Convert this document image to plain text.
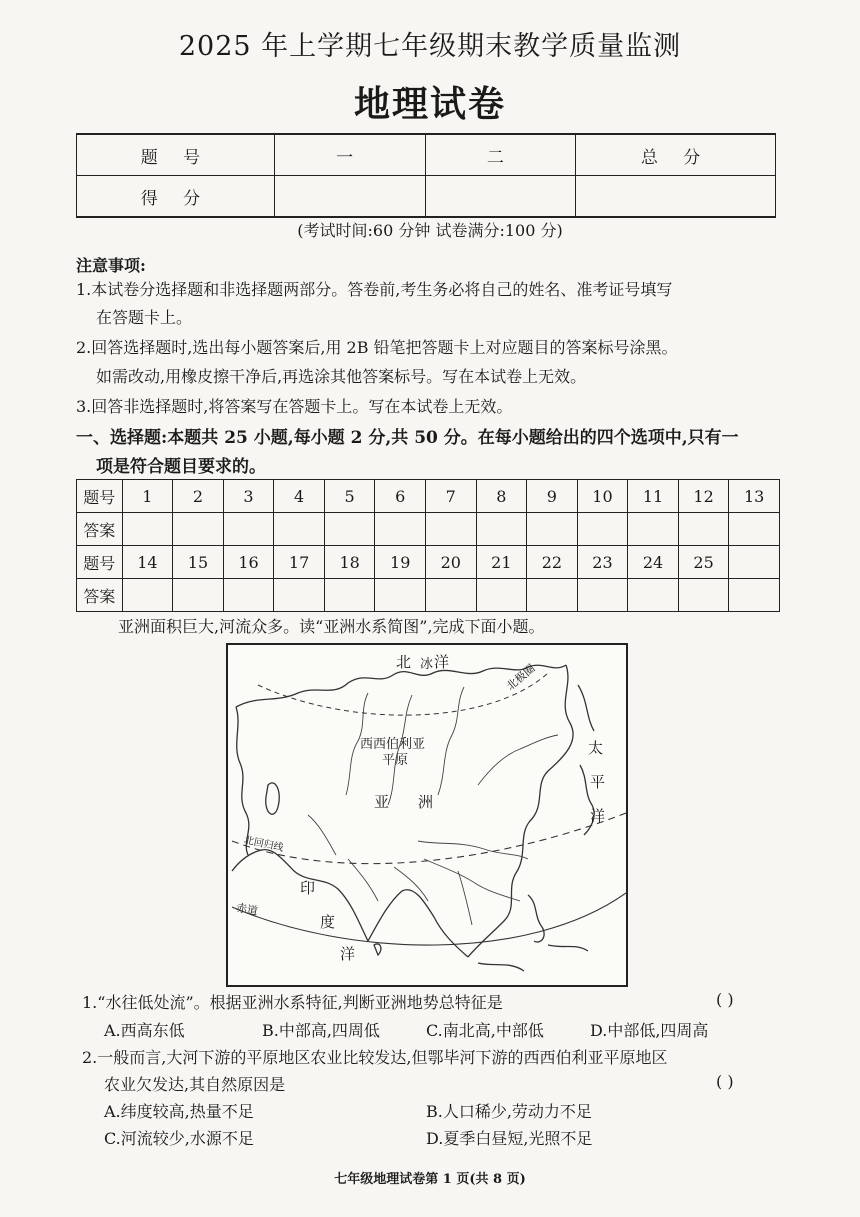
2025 年上学期七年级期末教学质量监测
地理试卷
题 号	一	二	总 分
得 分			
(考试时间:60 分钟 试卷满分:100 分)
注意事项:
1.本试卷分选择题和非选择题两部分。答卷前,考生务必将自己的姓名、准考证号填写
在答题卡上。
2.回答选择题时,选出每小题答案后,用 2B 铅笔把答题卡上对应题目的答案标号涂黑。
如需改动,用橡皮擦干净后,再选涂其他答案标号。写在本试卷上无效。
3.回答非选择题时,将答案写在答题卡上。写在本试卷上无效。
一、选择题:本题共 25 小题,每小题 2 分,共 50 分。在每小题给出的四个选项中,只有一
项是符合题目要求的。
题号	1	2	3	4	5	6	7	8	9	10	11	12	13
答案													
题号	14	15	16	17	18	19	20	21	22	23	24	25	
答案													
亚洲面积巨大,河流众多。读“亚洲水系简图”,完成下面小题。
北 冰 洋	北极圈
西西伯利亚
平原
亚 洲
太
平
洋
北回归线
印
度
洋
赤道
1.“水往低处流”。根据亚洲水系特征,判断亚洲地势总特征是	( )
A.西高东低	B.中部高,四周低	C.南北高,中部低	D.中部低,四周高
2.一般而言,大河下游的平原地区农业比较发达,但鄂毕河下游的西西伯利亚平原地区
农业欠发达,其自然原因是	( )
A.纬度较高,热量不足	B.人口稀少,劳动力不足
C.河流较少,水源不足	D.夏季白昼短,光照不足
七年级地理试卷第 1 页(共 8 页)
